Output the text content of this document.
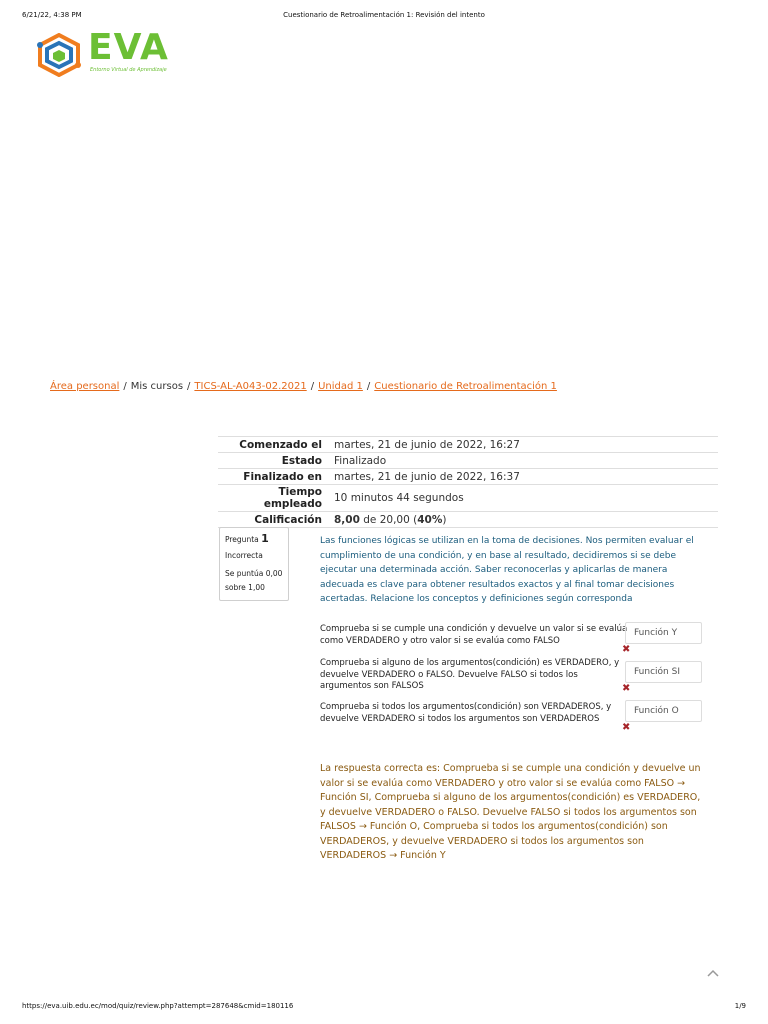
6/21/22, 4:38 PM	Cuestionario de Retroalimentación 1: Revisión del intento
EVA
Entorno Virtual de Aprendizaje
Área personal / Mis cursos / TICS-AL-A043-02.2021 / Unidad 1 / Cuestionario de Retroalimentación 1
Comenzado el	martes, 21 de junio de 2022, 16:27
Estado	Finalizado
Finalizado en	martes, 21 de junio de 2022, 16:37
Tiempo empleado	10 minutos 44 segundos
Calificación	8,00 de 20,00 (40%)
Pregunta 1
Incorrecta
Se puntúa 0,00 sobre 1,00
Las funciones lógicas se utilizan en la toma de decisiones. Nos permiten evaluar el cumplimiento de una condición, y en base al resultado, decidiremos si se debe ejecutar una determinada acción. Saber reconocerlas y aplicarlas de manera adecuada es clave para obtener resultados exactos y al final tomar decisiones acertadas. Relacione los conceptos y definiciones según corresponda
Comprueba si se cumple una condición y devuelve un valor si se evalúa como VERDADERO y otro valor si se evalúa como FALSO
Función Y
✖
Comprueba si alguno de los argumentos(condición) es VERDADERO, y devuelve VERDADERO o FALSO. Devuelve FALSO si todos los argumentos son FALSOS
Función SI
✖
Comprueba si todos los argumentos(condición) son VERDADEROS, y devuelve VERDADERO si todos los argumentos son VERDADEROS
Función O
✖
La respuesta correcta es: Comprueba si se cumple una condición y devuelve un valor si se evalúa como VERDADERO y otro valor si se evalúa como FALSO → Función SI, Comprueba si alguno de los argumentos(condición) es VERDADERO, y devuelve VERDADERO o FALSO. Devuelve FALSO si todos los argumentos son FALSOS → Función O, Comprueba si todos los argumentos(condición) son VERDADEROS, y devuelve VERDADERO si todos los argumentos son VERDADEROS → Función Y
https://eva.uib.edu.ec/mod/quiz/review.php?attempt=287648&cmid=180116	1/9
